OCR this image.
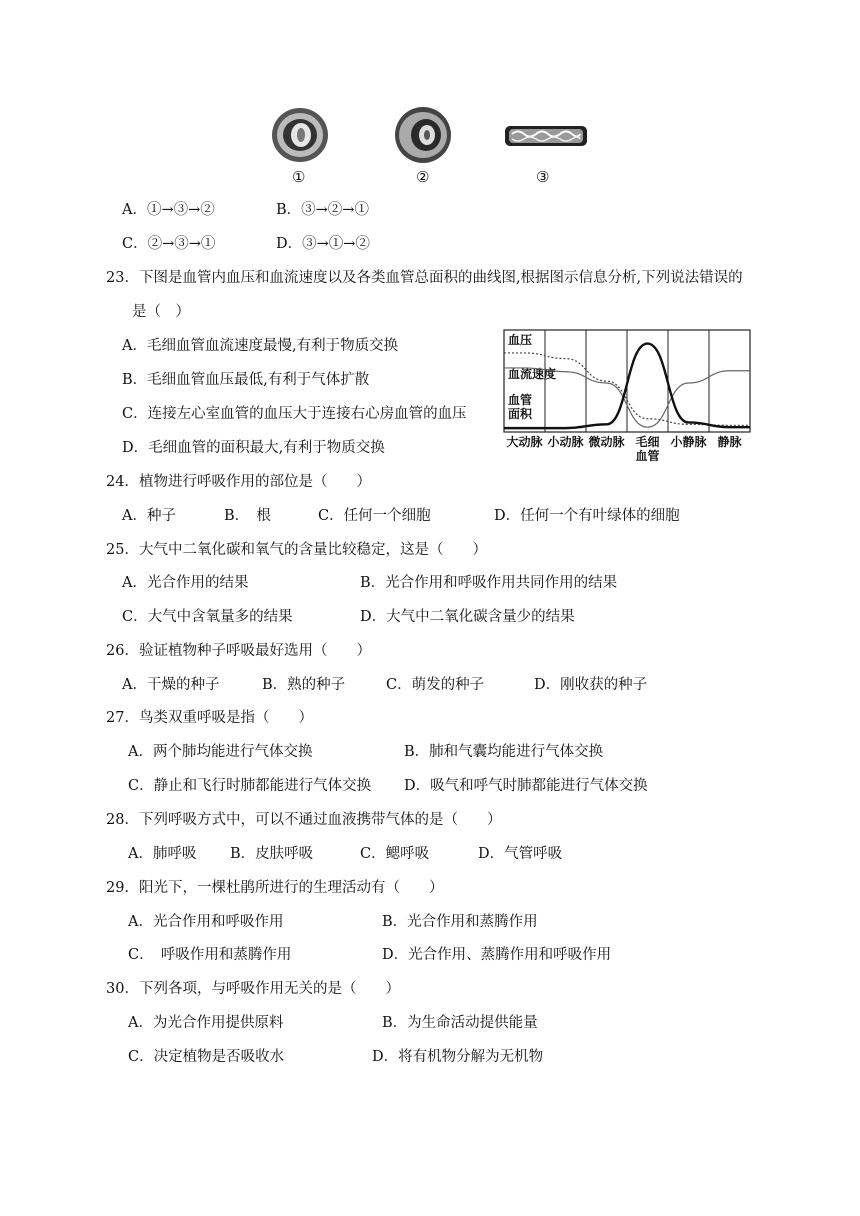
①	②	③
A．①→③→②	B．③→②→①
C．②→③→①	D．③→①→②
23．下图是血管内血压和血流速度以及各类血管总面积的曲线图,根据图示信息分析,下列说法错误的
是（　）
A．毛细血管血流速度最慢,有利于物质交换
B．毛细血管血压最低,有利于气体扩散
C．连接左心室血管的血压大于连接右心房血管的血压
D．毛细血管的面积最大,有利于物质交换	大动脉 小动脉 微动脉 毛细
血管
小静脉 静脉
血压
血流速度
血管
面积
24．植物进行呼吸作用的部位是（　　）
A．种子	B．　根	C．任何一个细胞	D．任何一个有叶绿体的细胞
25．大气中二氧化碳和氧气的含量比较稳定，这是（　　）
A．光合作用的结果	B．光合作用和呼吸作用共同作用的结果
C．大气中含氧量多的结果	D．大气中二氧化碳含量少的结果
26．验证植物种子呼吸最好选用（　　）
A．干燥的种子	B．熟的种子	C．萌发的种子	D．刚收获的种子
27．鸟类双重呼吸是指（　　）
A．两个肺均能进行气体交换	B．肺和气囊均能进行气体交换
C．静止和飞行时肺都能进行气体交换 D．吸气和呼气时肺都能进行气体交换
28．下列呼吸方式中，可以不通过血液携带气体的是（　　）
A．肺呼吸 B．皮肤呼吸	C．鳃呼吸	D．气管呼吸
29．阳光下，一棵杜鹃所进行的生理活动有（　　）
A．光合作用和呼吸作用	B．光合作用和蒸腾作用
C．　呼吸作用和蒸腾作用	D．光合作用、蒸腾作用和呼吸作用
30．下列各项，与呼吸作用无关的是（　　）
A．为光合作用提供原料	B．为生命活动提供能量
C．决定植物是否吸收水	D．将有机物分解为无机物
